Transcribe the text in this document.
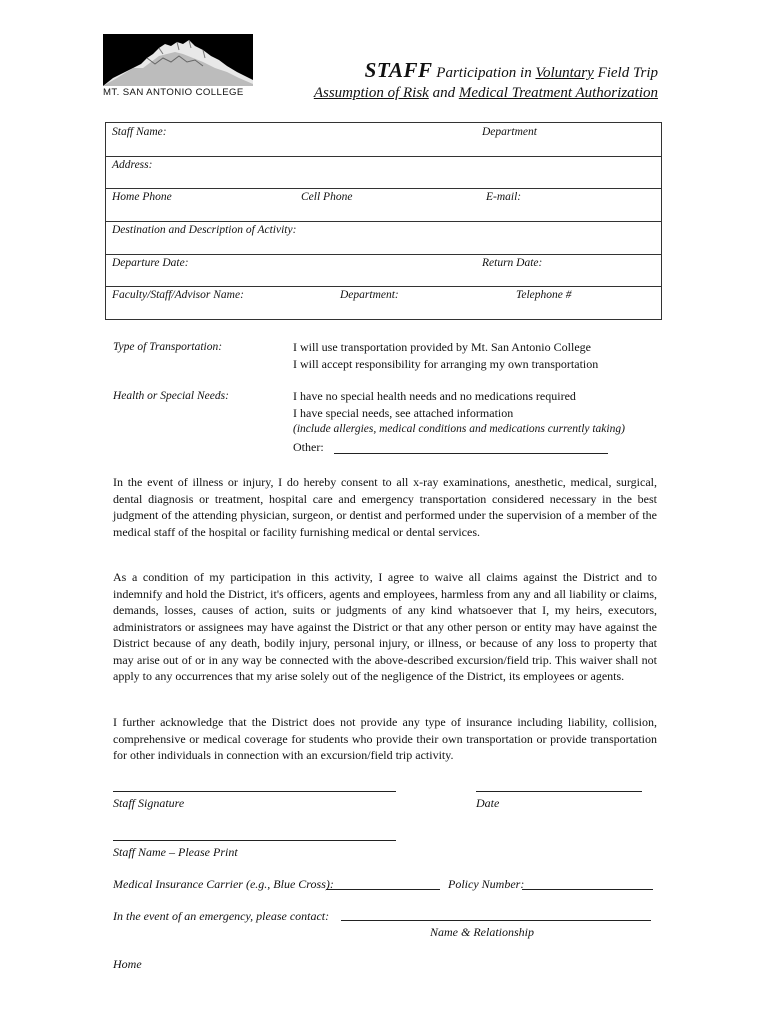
MT. SAN ANTONIO COLLEGE
STAFF Participation in Voluntary Field Trip
Assumption of Risk and Medical Treatment Authorization
Staff Name:	Department
Address:
Home Phone	Cell Phone	E-mail:
Destination and Description of Activity:
Departure Date:	Return Date:
Faculty/Staff/Advisor Name:	Department:	Telephone #
Type of Transportation:	I will use transportation provided by Mt. San Antonio College
I will accept responsibility for arranging my own transportation
Health or Special Needs:	I have no special health needs and no medications required
I have special needs, see attached information
(include allergies, medical conditions and medications currently taking)
Other:
In the event of illness or injury, I do hereby consent to all x-ray examinations, anesthetic, medical, surgical, dental diagnosis or treatment, hospital care and emergency transportation considered necessary in the best judgment of the attending physician, surgeon, or dentist and performed under the supervision of a member of the medical staff of the hospital or facility furnishing medical or dental services.
As a condition of my participation in this activity, I agree to waive all claims against the District and to indemnify and hold the District, it's officers, agents and employees, harmless from any and all liability or claims, demands, losses, causes of action, suits or judgments of any kind whatsoever that I, my heirs, executors, administrators or assignees may have against the District or that any other person or entity may have against the District because of any death, bodily injury, personal injury, or illness, or because of any loss to property that may arise out of or in any way be connected with the above-described excursion/field trip. This waiver shall not apply to any occurrences that my arise solely out of the negligence of the District, its employees or agents.
I further acknowledge that the District does not provide any type of insurance including liability, collision, comprehensive or medical coverage for students who provide their own transportation or provide transportation for other individuals in connection with an excursion/field trip activity.
Staff Signature	Date
Staff Name – Please Print
Medical Insurance Carrier (e.g., Blue Cross):	Policy Number:
In the event of an emergency, please contact:
Name & Relationship
Home
